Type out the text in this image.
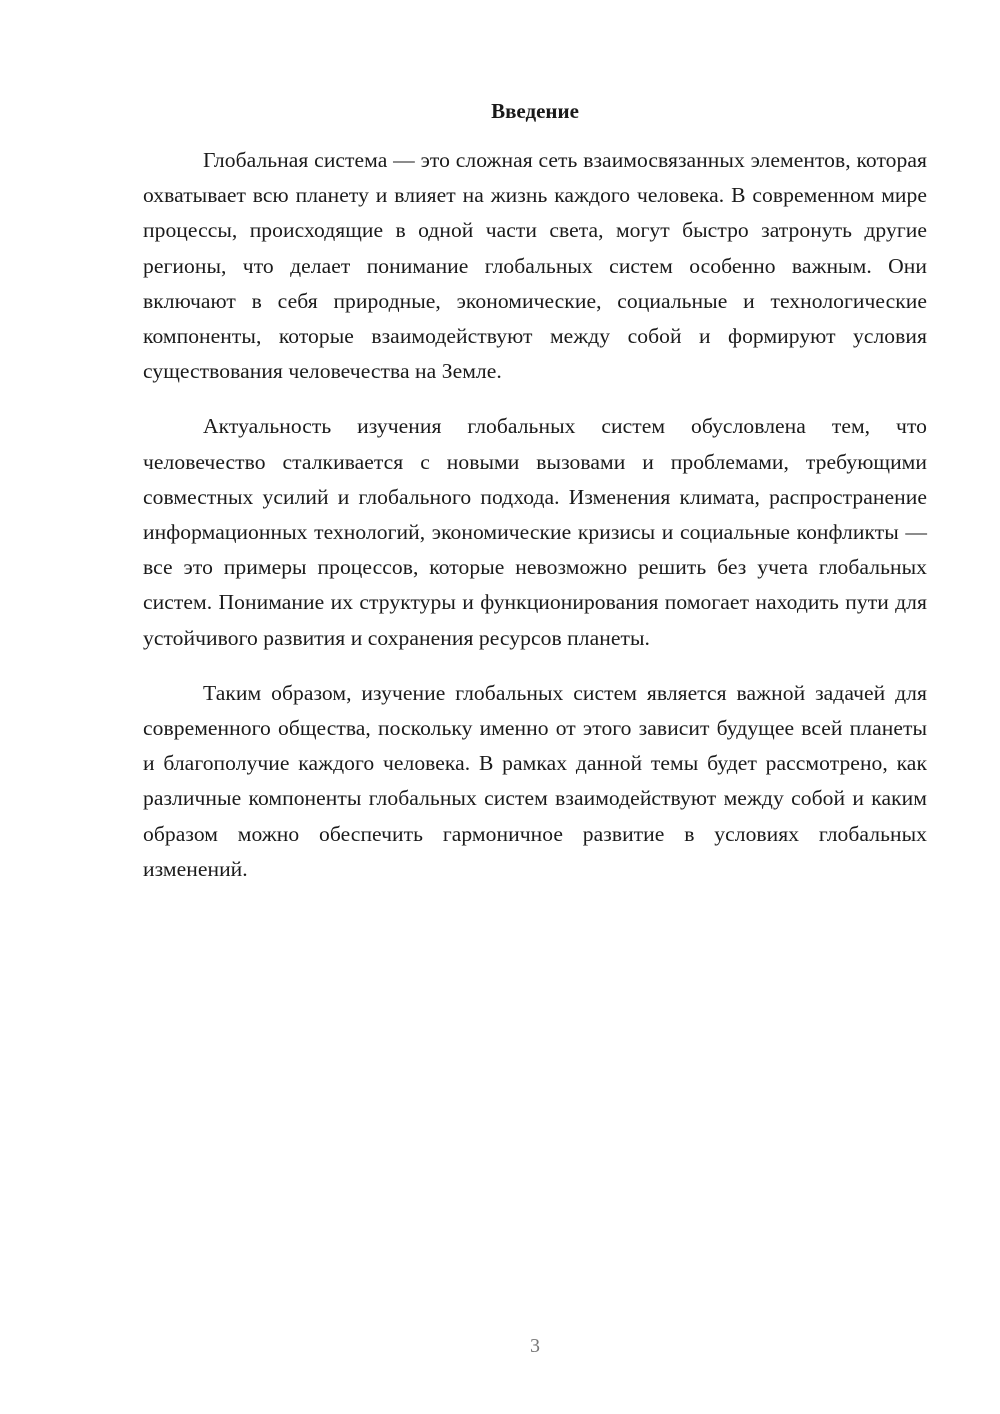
Введение

Глобальная система — это сложная сеть взаимосвязанных элементов, которая охватывает всю планету и влияет на жизнь каждого человека. В современном мире процессы, происходящие в одной части света, могут быстро затронуть другие регионы, что делает понимание глобальных систем особенно важным. Они включают в себя природные, экономические, социальные и технологические компоненты, которые взаимодействуют между собой и формируют условия существования человечества на Земле.

Актуальность изучения глобальных систем обусловлена тем, что человечество сталкивается с новыми вызовами и проблемами, требующими совместных усилий и глобального подхода. Изменения климата, распространение информационных технологий, экономические кризисы и социальные конфликты — все это примеры процессов, которые невозможно решить без учета глобальных систем. Понимание их структуры и функционирования помогает находить пути для устойчивого развития и сохранения ресурсов планеты.

Таким образом, изучение глобальных систем является важной задачей для современного общества, поскольку именно от этого зависит будущее всей планеты и благополучие каждого человека. В рамках данной темы будет рассмотрено, как различные компоненты глобальных систем взаимодействуют между собой и каким образом можно обеспечить гармоничное развитие в условиях глобальных изменений.

3
